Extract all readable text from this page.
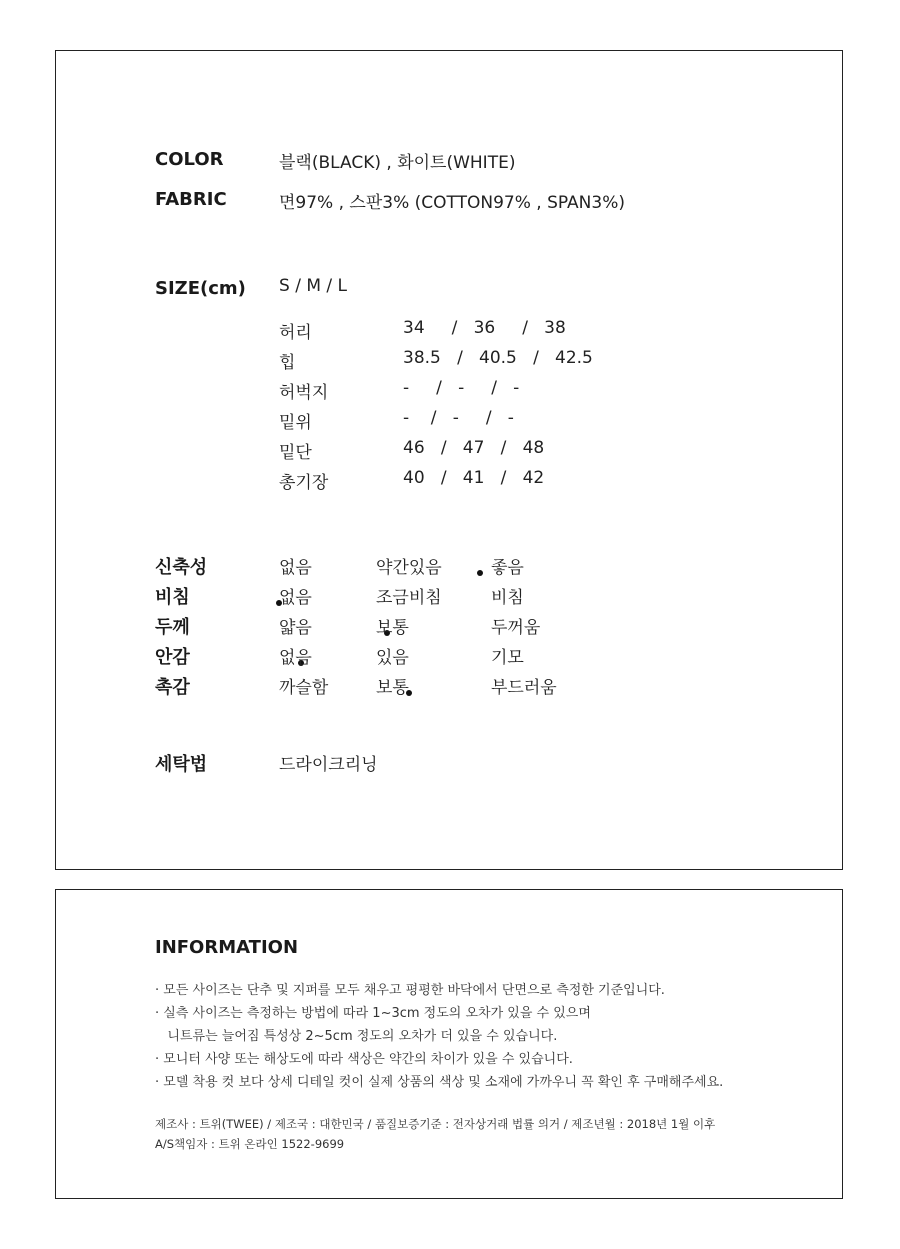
COLOR	블랙(BLACK) , 화이트(WHITE)
FABRIC	면97% , 스판3% (COTTON97% , SPAN3%)
SIZE(cm) S / M / L
허리	34     /   36     /   38
힙	38.5   /   40.5   /   42.5
허벅지	-     /   -     /   -
밑위	-    /   -     /   -
밑단	46   /   47   /   48
총기장	40   /   41   /   42
신축성	없음	약간있음	좋음
비침	없음	조금비침	비침
두께	얇음	보통	두꺼움
안감	없음	있음	기모
촉감	까슬함	보통	부드러움
세탁법	드라이크리닝
INFORMATION
· 모든 사이즈는 단추 및 지퍼를 모두 채우고 평평한 바닥에서 단면으로 측정한 기준입니다.
· 실측 사이즈는 측정하는 방법에 따라 1~3cm 정도의 오차가 있을 수 있으며
니트류는 늘어짐 특성상 2~5cm 정도의 오차가 더 있을 수 있습니다.
· 모니터 사양 또는 해상도에 따라 색상은 약간의 차이가 있을 수 있습니다.
· 모델 착용 컷 보다 상세 디테일 컷이 실제 상품의 색상 및 소재에 가까우니 꼭 확인 후 구매해주세요.
제조사 : 트위(TWEE) / 제조국 : 대한민국 / 품질보증기준 : 전자상거래 법률 의거 / 제조년월 : 2018년 1월 이후
A/S책임자 : 트위 온라인 1522-9699
